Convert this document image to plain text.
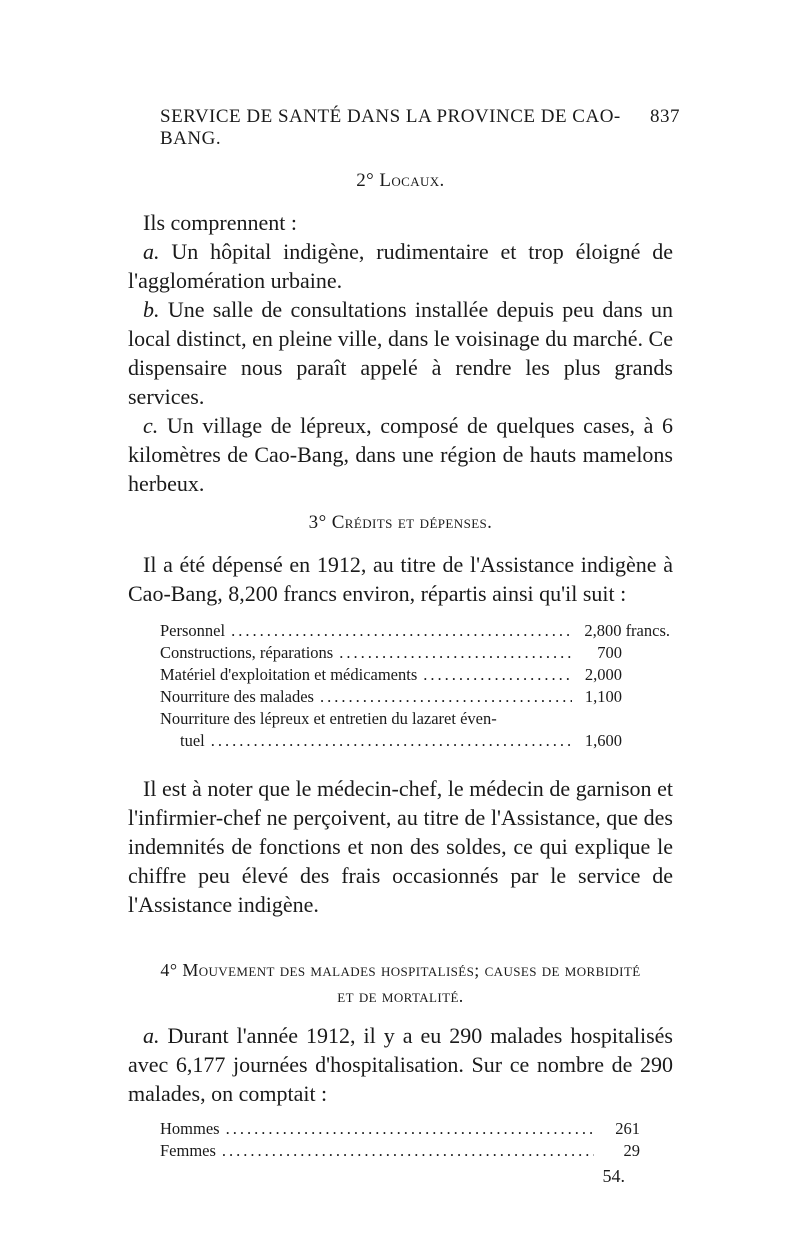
SERVICE DE SANTÉ DANS LA PROVINCE DE CAO-BANG.
837
2° Locaux.

Ils comprennent :

a. Un hôpital indigène, rudimentaire et trop éloigné de l'agglomération urbaine.

b. Une salle de consultations installée depuis peu dans un local distinct, en pleine ville, dans le voisinage du marché. Ce dispensaire nous paraît appelé à rendre les plus grands services.

c. Un village de lépreux, composé de quelques cases, à 6 kilomètres de Cao-Bang, dans une région de hauts mamelons herbeux.

3° Crédits et dépenses.

Il a été dépensé en 1912, au titre de l'Assistance indigène à Cao-Bang, 8,200 francs environ, répartis ainsi qu'il suit :

Personnel .....	2,800 francs.
Constructions, réparations .....	700
Matériel d'exploitation et médicaments .....	2,000
Nourriture des malades .....	1,100
Nourriture des lépreux et entretien du lazaret éven-
tuel .....	1,600

Il est à noter que le médecin-chef, le médecin de garnison et l'infirmier-chef ne perçoivent, au titre de l'Assistance, que des indemnités de fonctions et non des soldes, ce qui explique le chiffre peu élevé des frais occasionnés par le service de l'Assistance indigène.

4° Mouvement des malades hospitalisés; causes de morbidité
et de mortalité.

a. Durant l'année 1912, il y a eu 290 malades hospitalisés avec 6,177 journées d'hospitalisation. Sur ce nombre de 290 malades, on comptait :

Hommes .....	261
Femmes .....	29
54.
